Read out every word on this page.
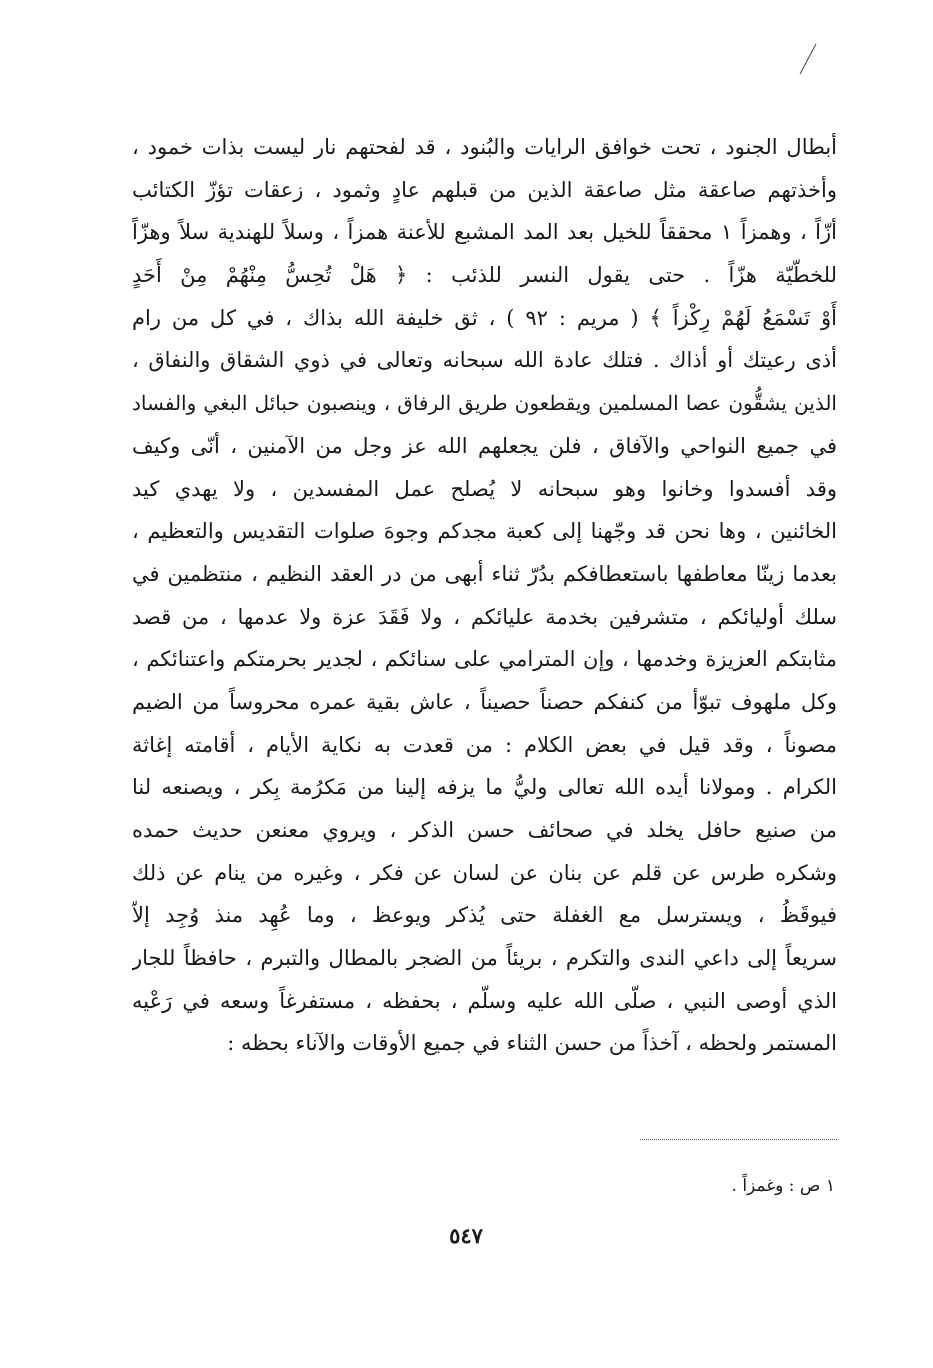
أبطال الجنود ، تحت خوافق الرايات والبُنود ، قد لفحتهم نار ليست بذات خمود ،
وأخذتهم صاعقة مثل صاعقة الذين من قبلهم عادٍ وثمود ، زعقات تؤزّ الكتائب
أزّاً ، وهمزاً ١ محققاً للخيل بعد المد المشبع للأعنة همزاً ، وسلاً للهندية سلاً وهزّاً
للخطّيّة هزّاً . حتى يقول النسر للذئب : ﴿ هَلْ تُحِسُّ مِنْهُمْ مِنْ أَحَدٍ
أَوْ تَسْمَعُ لَهُمْ رِكْزاً ﴾ ( مريم : ٩٢ ) ، ثق خليفة الله بذاك ، في كل من رام
أذى رعيتك أو أذاك . فتلك عادة الله سبحانه وتعالى في ذوي الشقاق والنفاق ،
الذين يشقُّون عصا المسلمين ويقطعون طريق الرفاق ، وينصبون حبائل البغي والفساد
في جميع النواحي والآفاق ، فلن يجعلهم الله عز وجل من الآمنين ، أنّى وكيف
وقد أفسدوا وخانوا وهو سبحانه لا يُصلح عمل المفسدين ، ولا يهدي كيد
الخائنين ، وها نحن قد وجّهنا إلى كعبة مجدكم وجوهَ صلوات التقديس والتعظيم ،
بعدما زينّا معاطفها باستعطافكم بدُرّ ثناء أبهى من در العقد النظيم ، منتظمين في
سلك أوليائكم ، متشرفين بخدمة عليائكم ، ولا فَقَدَ عزة ولا عدمها ، من قصد
مثابتكم العزيزة وخدمها ، وإن المترامي على سنائكم ، لجدير بحرمتكم واعتنائكم ،
وكل ملهوف تبوّأ من كنفكم حصناً حصيناً ، عاش بقية عمره محروساً من الضيم
مصوناً ، وقد قيل في بعض الكلام : من قعدت به نكاية الأيام ، أقامته إغاثة
الكرام . ومولانا أيده الله تعالى وليُّ ما يزفه إلينا من مَكرُمة بِكر ، ويصنعه لنا
من صنيع حافل يخلد في صحائف حسن الذكر ، ويروي معنعن حديث حمده
وشكره طرس عن قلم عن بنان عن لسان عن فكر ، وغيره من ينام عن ذلك
فيوقَظُ ، ويسترسل مع الغفلة حتى يُذكر ويوعظ ، وما عُهِد منذ وُجِد إلاّ
سريعاً إلى داعي الندى والتكرم ، بريئاً من الضجر بالمطال والتبرم ، حافظاً للجار
الذي أوصى النبي ، صلّى الله عليه وسلّم ، بحفظه ، مستفرغاً وسعه في رَعْيه
المستمر ولحظه ، آخذاً من حسن الثناء في جميع الأوقات والآناء بحظه :
١ ص : وغمزاً .
٥٤٧
